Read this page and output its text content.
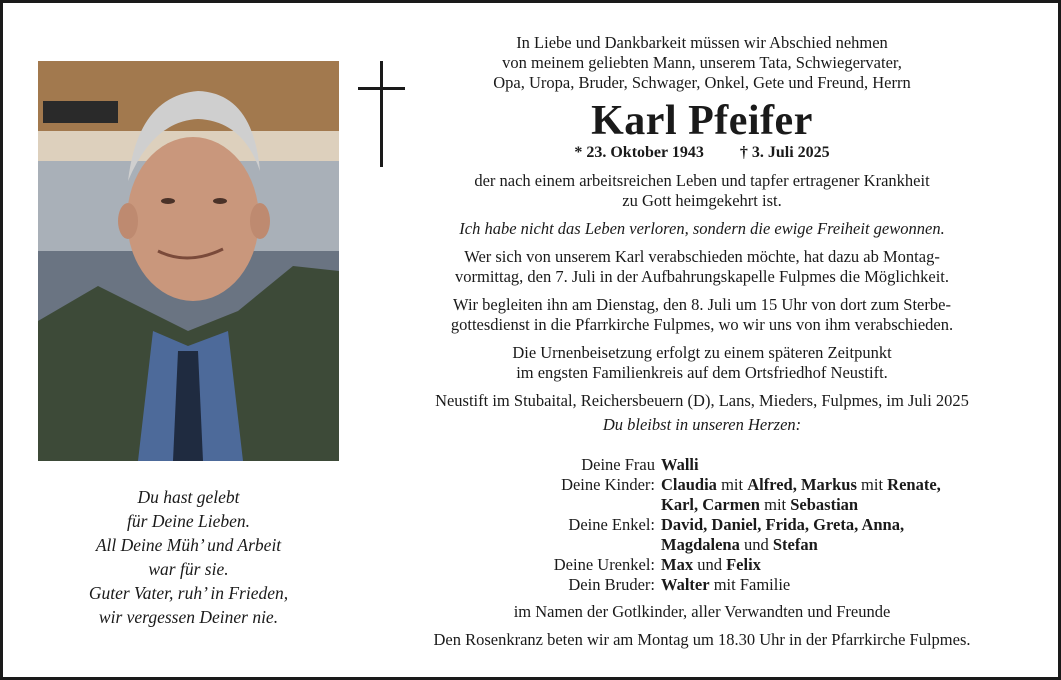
Du hast gelebt
für Deine Lieben.
All Deine Müh’ und Arbeit
war für sie.
Guter Vater, ruh’ in Frieden,
wir vergessen Deiner nie.
In Liebe und Dankbarkeit müssen wir Abschied nehmen
von meinem geliebten Mann, unserem Tata, Schwiegervater,
Opa, Uropa, Bruder, Schwager, Onkel, Gete und Freund, Herrn
Karl Pfeifer
* 23. Oktober 1943 † 3. Juli 2025
der nach einem arbeitsreichen Leben und tapfer ertragener Krankheit
zu Gott heimgekehrt ist.
Ich habe nicht das Leben verloren, sondern die ewige Freiheit gewonnen.
Wer sich von unserem Karl verabschieden möchte, hat dazu ab Montag-
vormittag, den 7. Juli in der Aufbahrungskapelle Fulpmes die Möglichkeit.
Wir begleiten ihn am Dienstag, den 8. Juli um 15 Uhr von dort zum Sterbe-
gottesdienst in die Pfarrkirche Fulpmes, wo wir uns von ihm verabschieden.
Die Urnenbeisetzung erfolgt zu einem späteren Zeitpunkt
im engsten Familienkreis auf dem Ortsfriedhof Neustift.
Neustift im Stubaital, Reichersbeuern (D), Lans, Mieders, Fulpmes, im Juli 2025
Du bleibst in unseren Herzen:
Deine Frau Walli
Deine Kinder: Claudia mit Alfred, Markus mit Renate,
Karl, Carmen mit Sebastian
Deine Enkel: David, Daniel, Frida, Greta, Anna,
Magdalena und Stefan
Deine Urenkel: Max und Felix
Dein Bruder: Walter mit Familie
im Namen der Gotlkinder, aller Verwandten und Freunde
Den Rosenkranz beten wir am Montag um 18.30 Uhr in der Pfarrkirche Fulpmes.
